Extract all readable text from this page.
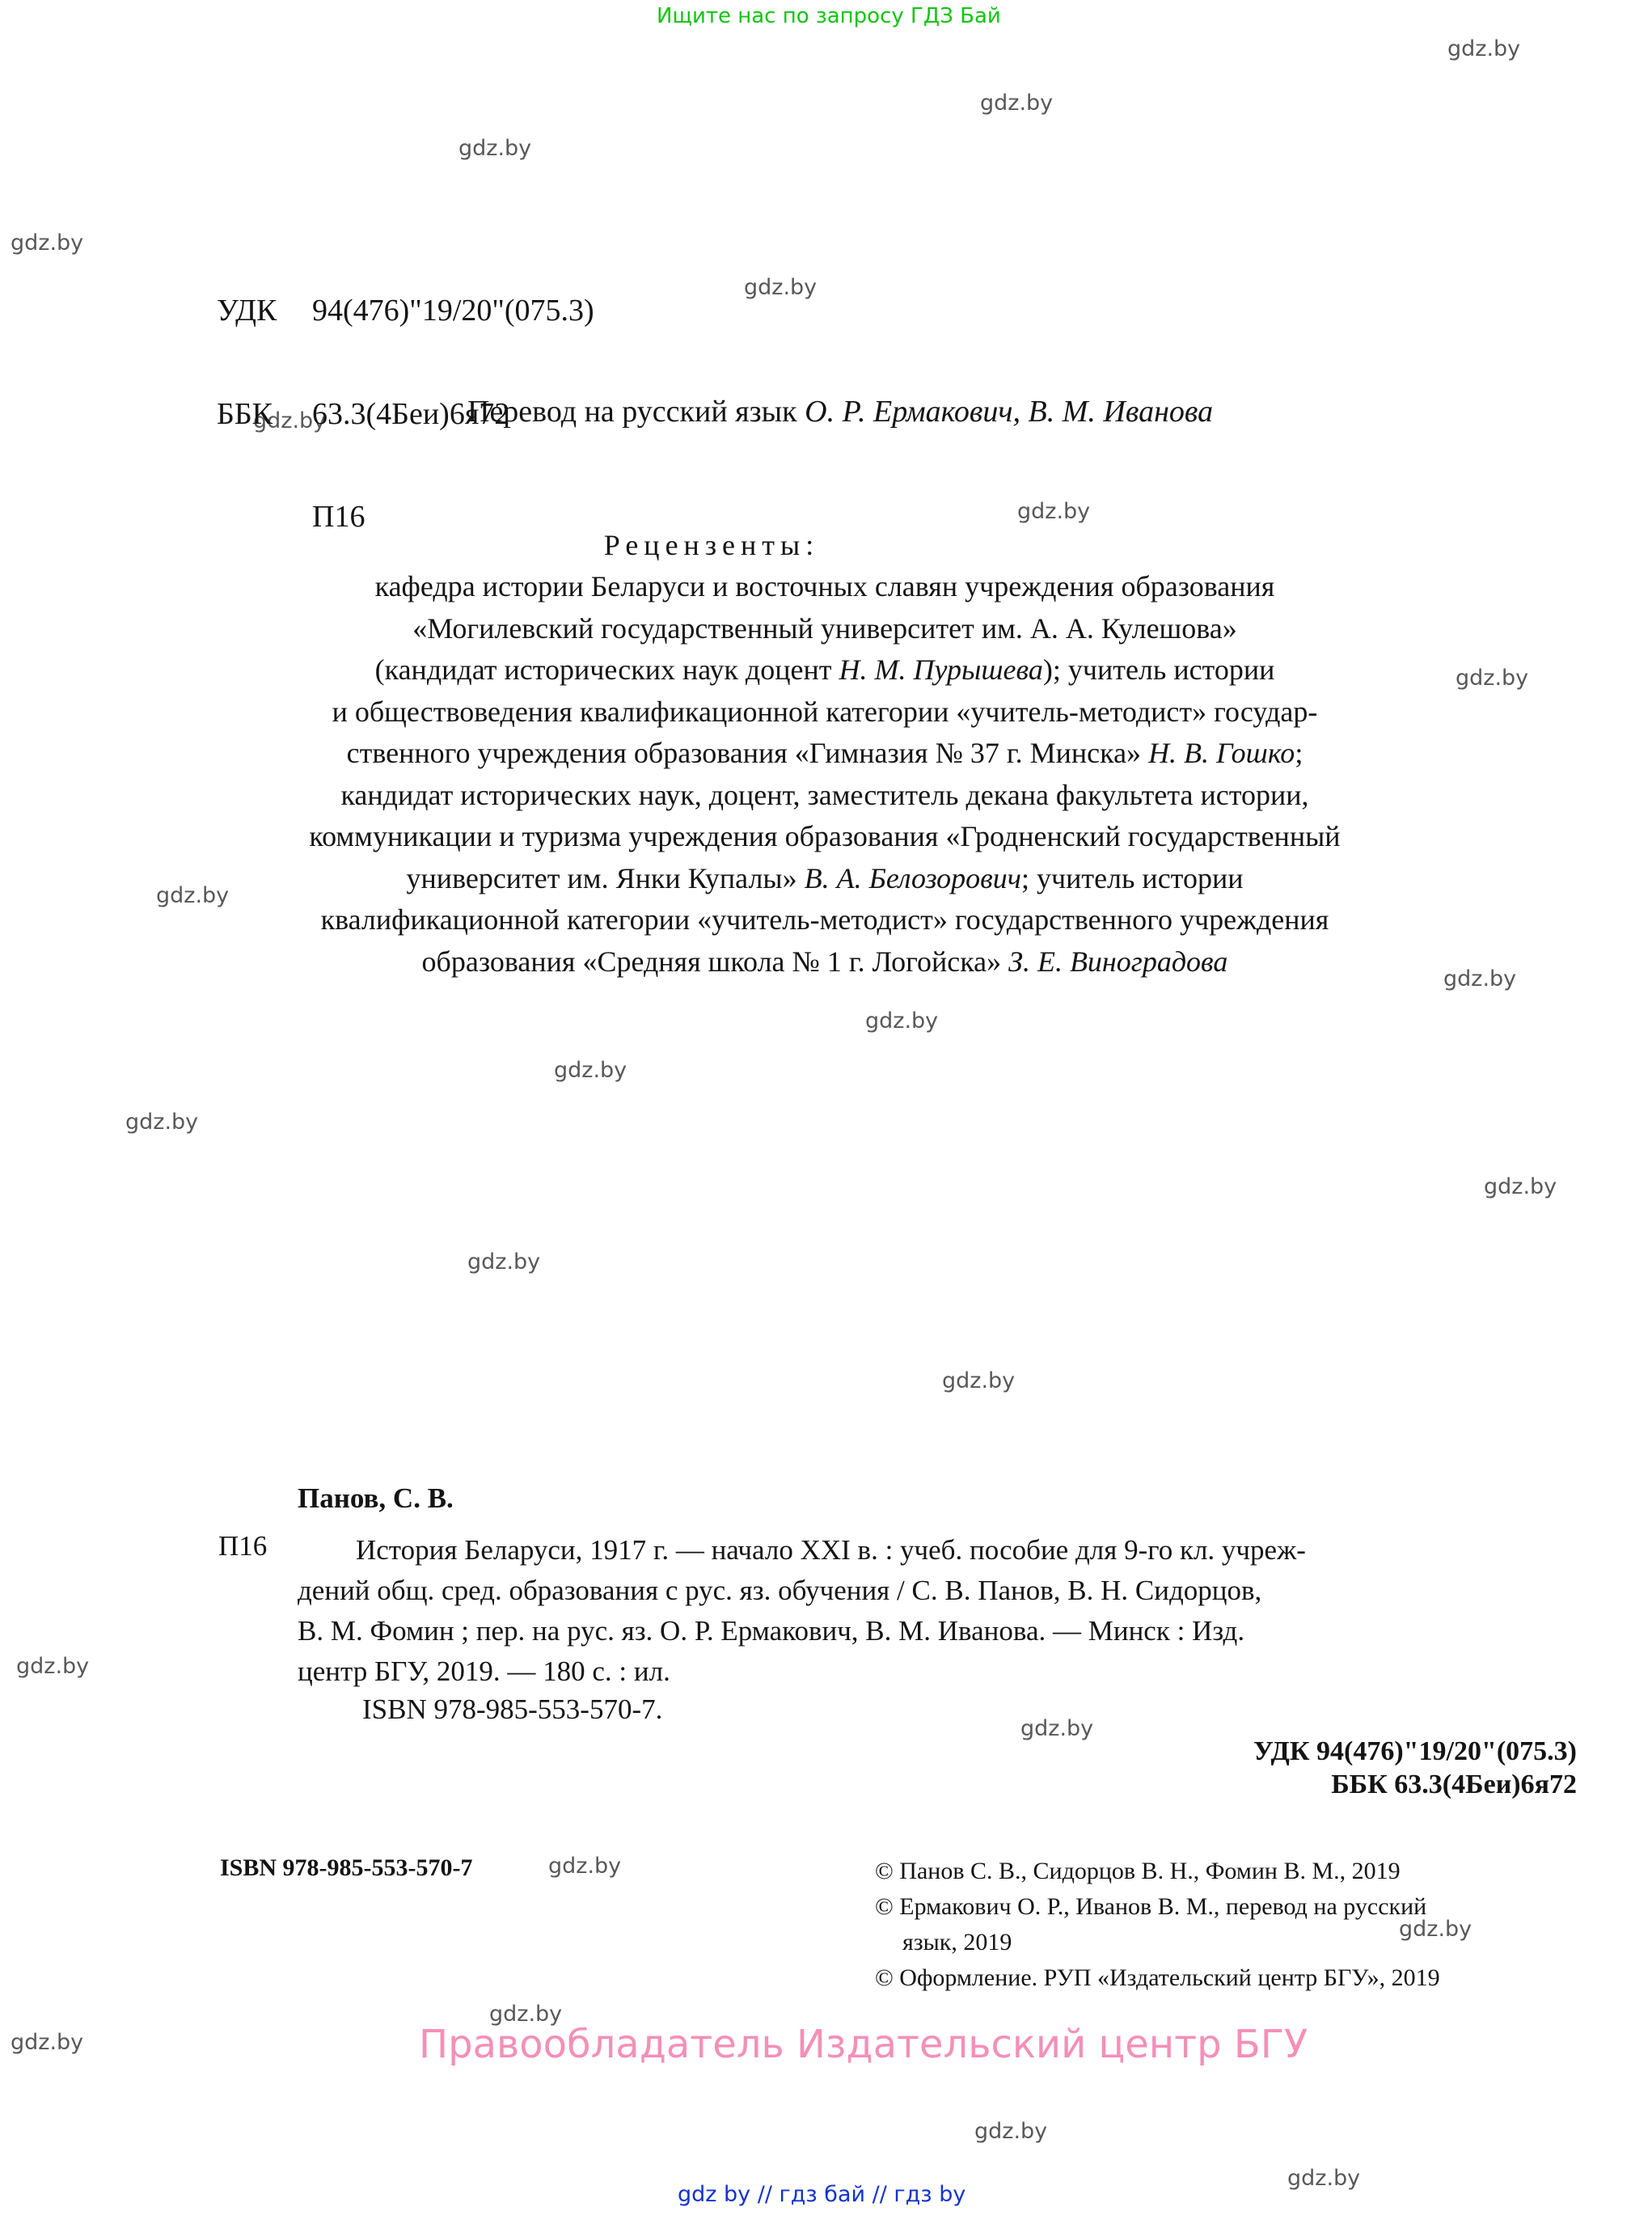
Ищите нас по запросу ГДЗ Бай
gdz.by
gdz.by
gdz.by
gdz.by
gdz.by
gdz.by
gdz.by
gdz.by
gdz.by
gdz.by
gdz.by
gdz.by
gdz.by
gdz.by
gdz.by
gdz.by
gdz.by
gdz.by
gdz.by
gdz.by
gdz.by
gdz.by
gdz.by
gdz.by

УДК	94(476)"19/20"(075.3)

ББК	63.3(4Беи)6я72

П16

Перевод на русский язык О. Р. Ермакович, В. М. Иванова
Рецензенты:
кафедра истории Беларуси и восточных славян учреждения образования
«Могилевский государственный университет им. А. А. Кулешова»
(кандидат исторических наук доцент Н. М. Пурышева); учитель истории
и обществоведения квалификационной категории «учитель-методист» государ-
ственного учреждения образования «Гимназия № 37 г. Минска» Н. В. Гошко;
кандидат исторических наук, доцент, заместитель декана факультета истории,
коммуникации и туризма учреждения образования «Гродненский государственный
университет им. Янки Купалы» В. А. Белозорович; учитель истории
квалификационной категории «учитель-методист» государственного учреждения
образования «Средняя школа № 1 г. Логойска» З. Е. Виноградова
Панов, С. В.
П16	История Беларуси, 1917 г. — начало XXI в. : учеб. пособие для 9-го кл. учреж-
дений общ. сред. образования с рус. яз. обучения / С. В. Панов, В. Н. Сидорцов,
В. М. Фомин ; пер. на рус. яз. О. Р. Ермакович, В. М. Иванова. — Минск : Изд.
центр БГУ, 2019. — 180 с. : ил.
ISBN 978-985-553-570-7.
УДК 94(476)"19/20"(075.3)
ББК 63.3(4Беи)6я72
ISBN 978-985-553-570-7	© Панов С. В., Сидорцов В. Н., Фомин В. М., 2019
© Ермакович О. Р., Иванов В. М., перевод на русский
язык, 2019
© Оформление. РУП «Издательский центр БГУ», 2019
Правообладатель Издательский центр БГУ
gdz by // гдз бай // гдз by
